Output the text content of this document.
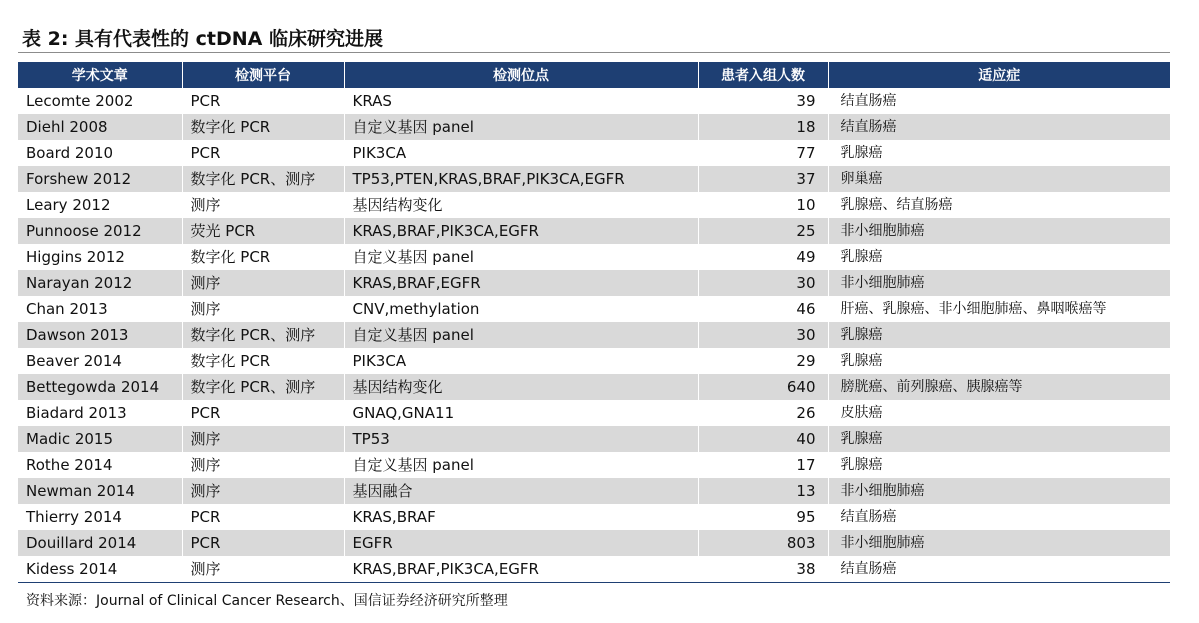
表 2: 具有代表性的 ctDNA 临床研究进展
学术文章	检测平台	检测位点	患者入组人数	适应症
Lecomte 2002	PCR	KRAS	39	结直肠癌
Diehl 2008	数字化 PCR	自定义基因 panel	18	结直肠癌
Board 2010	PCR	PIK3CA	77	乳腺癌
Forshew 2012	数字化 PCR、测序	TP53,PTEN,KRAS,BRAF,PIK3CA,EGFR	37	卵巢癌
Leary 2012	测序	基因结构变化	10	乳腺癌、结直肠癌
Punnoose 2012	荧光 PCR	KRAS,BRAF,PIK3CA,EGFR	25	非小细胞肺癌
Higgins 2012	数字化 PCR	自定义基因 panel	49	乳腺癌
Narayan 2012	测序	KRAS,BRAF,EGFR	30	非小细胞肺癌
Chan 2013	测序	CNV,methylation	46	肝癌、乳腺癌、非小细胞肺癌、鼻咽喉癌等
Dawson 2013	数字化 PCR、测序	自定义基因 panel	30	乳腺癌
Beaver 2014	数字化 PCR	PIK3CA	29	乳腺癌
Bettegowda 2014	数字化 PCR、测序	基因结构变化	640	膀胱癌、前列腺癌、胰腺癌等
Biadard 2013	PCR	GNAQ,GNA11	26	皮肤癌
Madic 2015	测序	TP53	40	乳腺癌
Rothe 2014	测序	自定义基因 panel	17	乳腺癌
Newman 2014	测序	基因融合	13	非小细胞肺癌
Thierry 2014	PCR	KRAS,BRAF	95	结直肠癌
Douillard 2014	PCR	EGFR	803	非小细胞肺癌
Kidess 2014	测序	KRAS,BRAF,PIK3CA,EGFR	38	结直肠癌
资料来源：Journal of Clinical Cancer Research、国信证券经济研究所整理
